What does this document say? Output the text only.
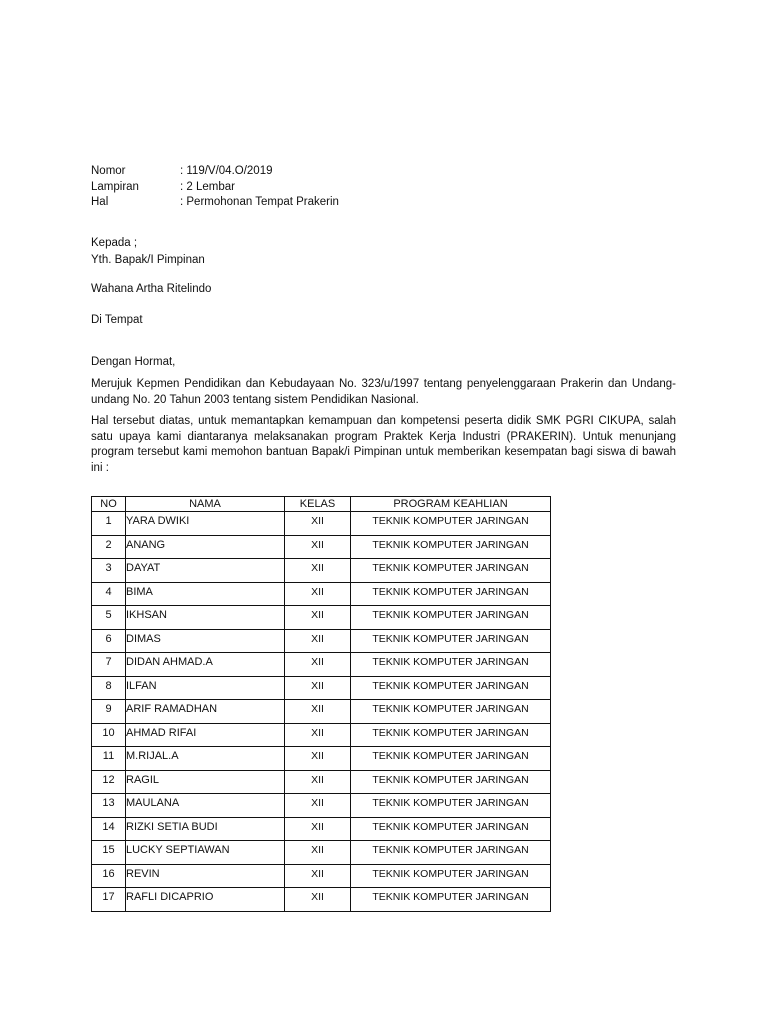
Nomor	: 119/V/04.O/2019
Lampiran	: 2 Lembar
Hal	: Permohonan Tempat Prakerin
Kepada ;
Yth. Bapak/I Pimpinan
Wahana Artha Ritelindo
Di Tempat
Dengan Hormat,
Merujuk Kepmen Pendidikan dan Kebudayaan No. 323/u/1997 tentang penyelenggaraan Prakerin dan Undang-undang No. 20 Tahun 2003 tentang sistem Pendidikan Nasional.
Hal tersebut diatas, untuk memantapkan kemampuan dan kompetensi peserta didik SMK PGRI CIKUPA, salah satu upaya kami diantaranya melaksanakan program Praktek Kerja Industri (PRAKERIN). Untuk menunjang program tersebut kami memohon bantuan Bapak/i Pimpinan untuk memberikan kesempatan bagi siswa di bawah ini :
NO	NAMA	KELAS	PROGRAM KEAHLIAN
1	YARA DWIKI	XII	TEKNIK KOMPUTER JARINGAN
2	ANANG	XII	TEKNIK KOMPUTER JARINGAN
3	DAYAT	XII	TEKNIK KOMPUTER JARINGAN
4	BIMA	XII	TEKNIK KOMPUTER JARINGAN
5	IKHSAN	XII	TEKNIK KOMPUTER JARINGAN
6	DIMAS	XII	TEKNIK KOMPUTER JARINGAN
7	DIDAN AHMAD.A	XII	TEKNIK KOMPUTER JARINGAN
8	ILFAN	XII	TEKNIK KOMPUTER JARINGAN
9	ARIF RAMADHAN	XII	TEKNIK KOMPUTER JARINGAN
10	AHMAD RIFAI	XII	TEKNIK KOMPUTER JARINGAN
11	M.RIJAL.A	XII	TEKNIK KOMPUTER JARINGAN
12	RAGIL	XII	TEKNIK KOMPUTER JARINGAN
13	MAULANA	XII	TEKNIK KOMPUTER JARINGAN
14	RIZKI SETIA BUDI	XII	TEKNIK KOMPUTER JARINGAN
15	LUCKY SEPTIAWAN	XII	TEKNIK KOMPUTER JARINGAN
16	REVIN	XII	TEKNIK KOMPUTER JARINGAN
17	RAFLI DICAPRIO	XII	TEKNIK KOMPUTER JARINGAN
